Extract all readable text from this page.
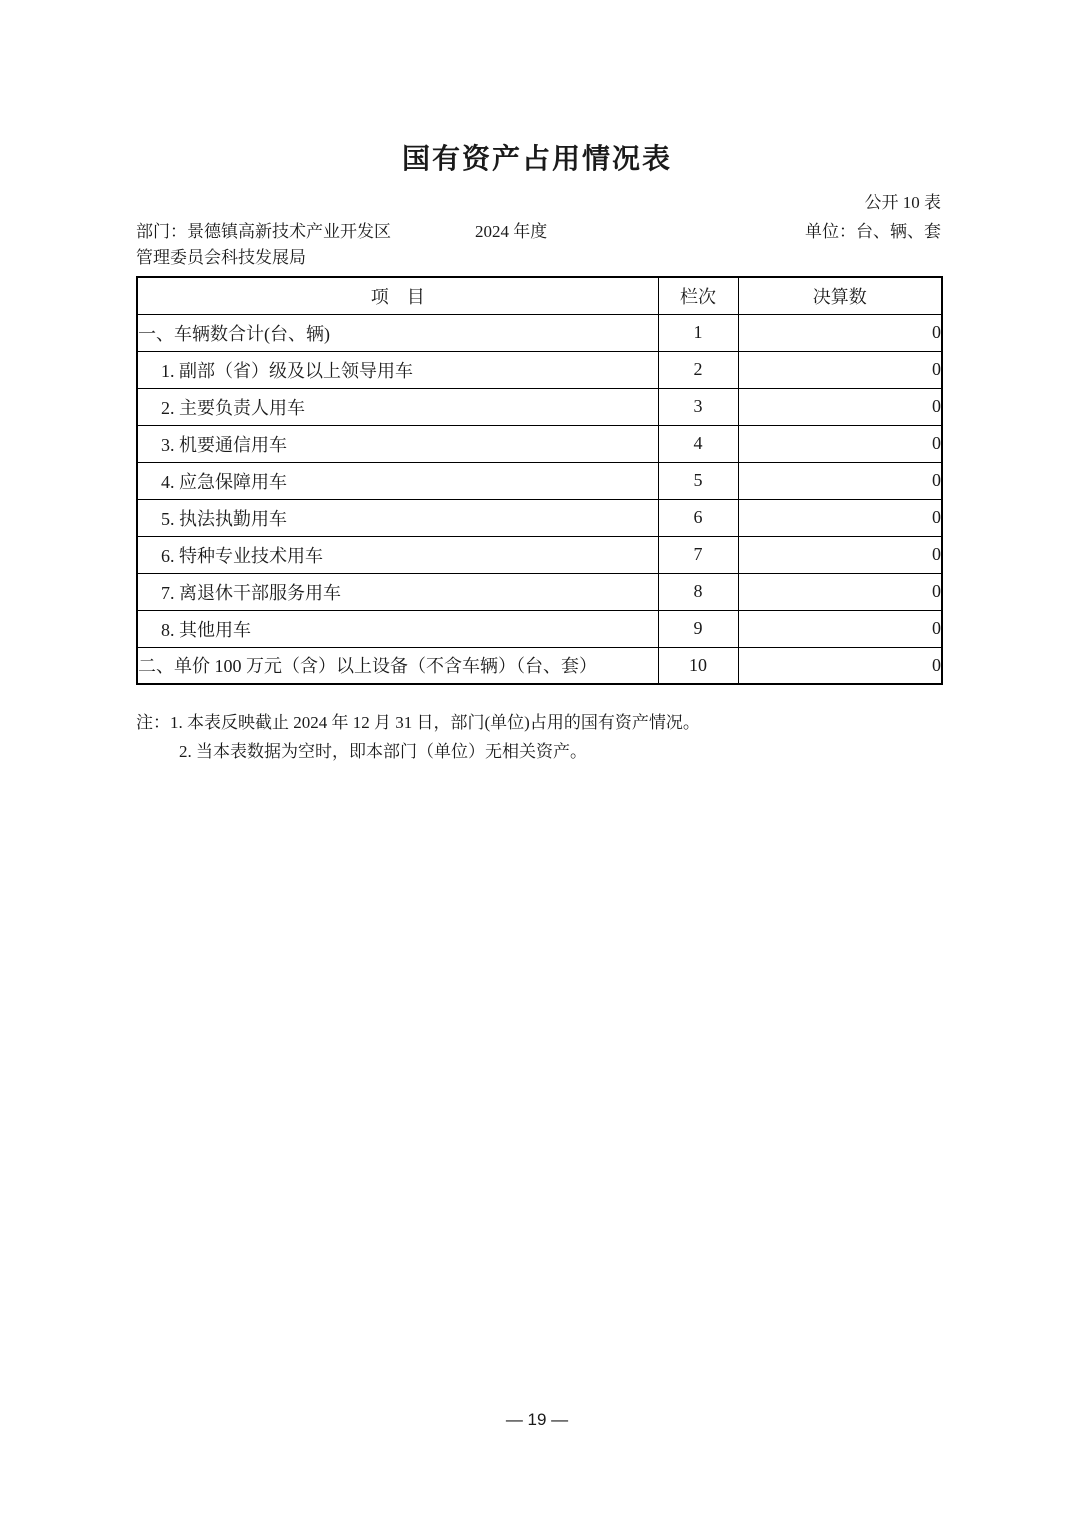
国有资产占用情况表
公开 10 表
部门：景德镇高新技术产业开发区	2024 年度	单位：台、辆、套
管理委员会科技发展局
项　目	栏次	决算数
一、车辆数合计(台、辆)	1	0
1. 副部（省）级及以上领导用车	2	0
2. 主要负责人用车	3	0
3. 机要通信用车	4	0
4. 应急保障用车	5	0
5. 执法执勤用车	6	0
6. 特种专业技术用车	7	0
7. 离退休干部服务用车	8	0
8. 其他用车	9	0
二、单价 100 万元（含）以上设备（不含车辆）（台、套）	10	0
注：1. 本表反映截止 2024 年 12 月 31 日，部门(单位)占用的国有资产情况。
2. 当本表数据为空时，即本部门（单位）无相关资产。
— 19 —
